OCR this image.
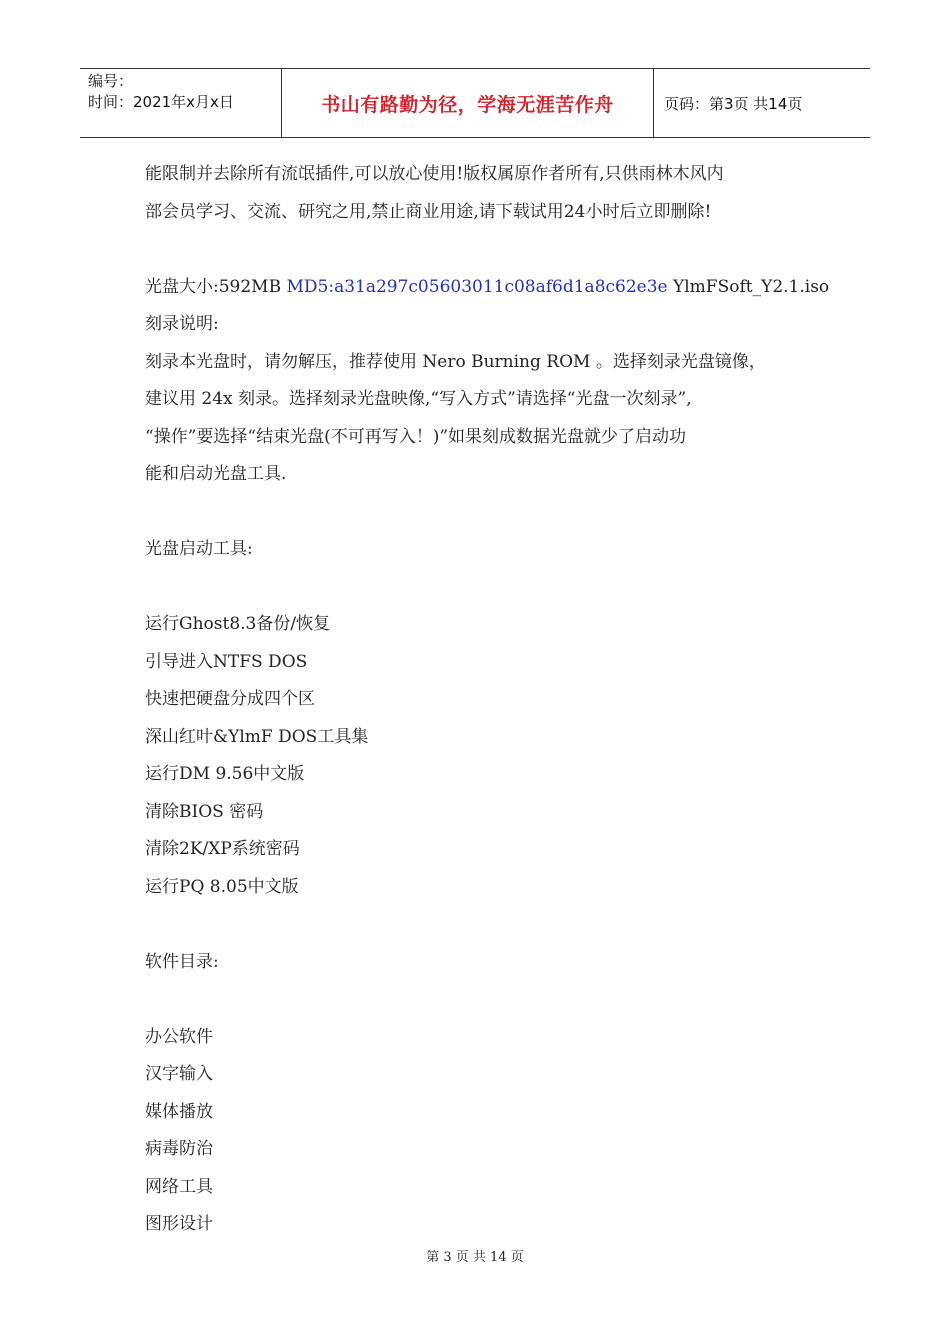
编号：
时间：2021年x月x日	书山有路勤为径，学海无涯苦作舟	页码：第3页 共14页
能限制并去除所有流氓插件,可以放心使用!版权属原作者所有,只供雨林木风内
部会员学习、交流、研究之用,禁止商业用途,请下载试用24小时后立即删除!
光盘大小:592MB MD5:a31a297c05603011c08af6d1a8c62e3e YlmFSoft_Y2.1.iso
刻录说明:
刻录本光盘时，请勿解压，推荐使用 Nero Burning ROM 。选择刻录光盘镜像，
建议用 24x 刻录。选择刻录光盘映像,“写入方式”请选择“光盘一次刻录”,
“操作”要选择“结束光盘(不可再写入！)”如果刻成数据光盘就少了启动功
能和启动光盘工具.
光盘启动工具:
运行Ghost8.3备份/恢复
引导进入NTFS DOS
快速把硬盘分成四个区
深山红叶&YlmF DOS工具集
运行DM 9.56中文版
清除BIOS 密码
清除2K/XP系统密码
运行PQ 8.05中文版
软件目录:
办公软件
汉字输入
媒体播放
病毒防治
网络工具
图形设计
第 3 页 共 14 页
